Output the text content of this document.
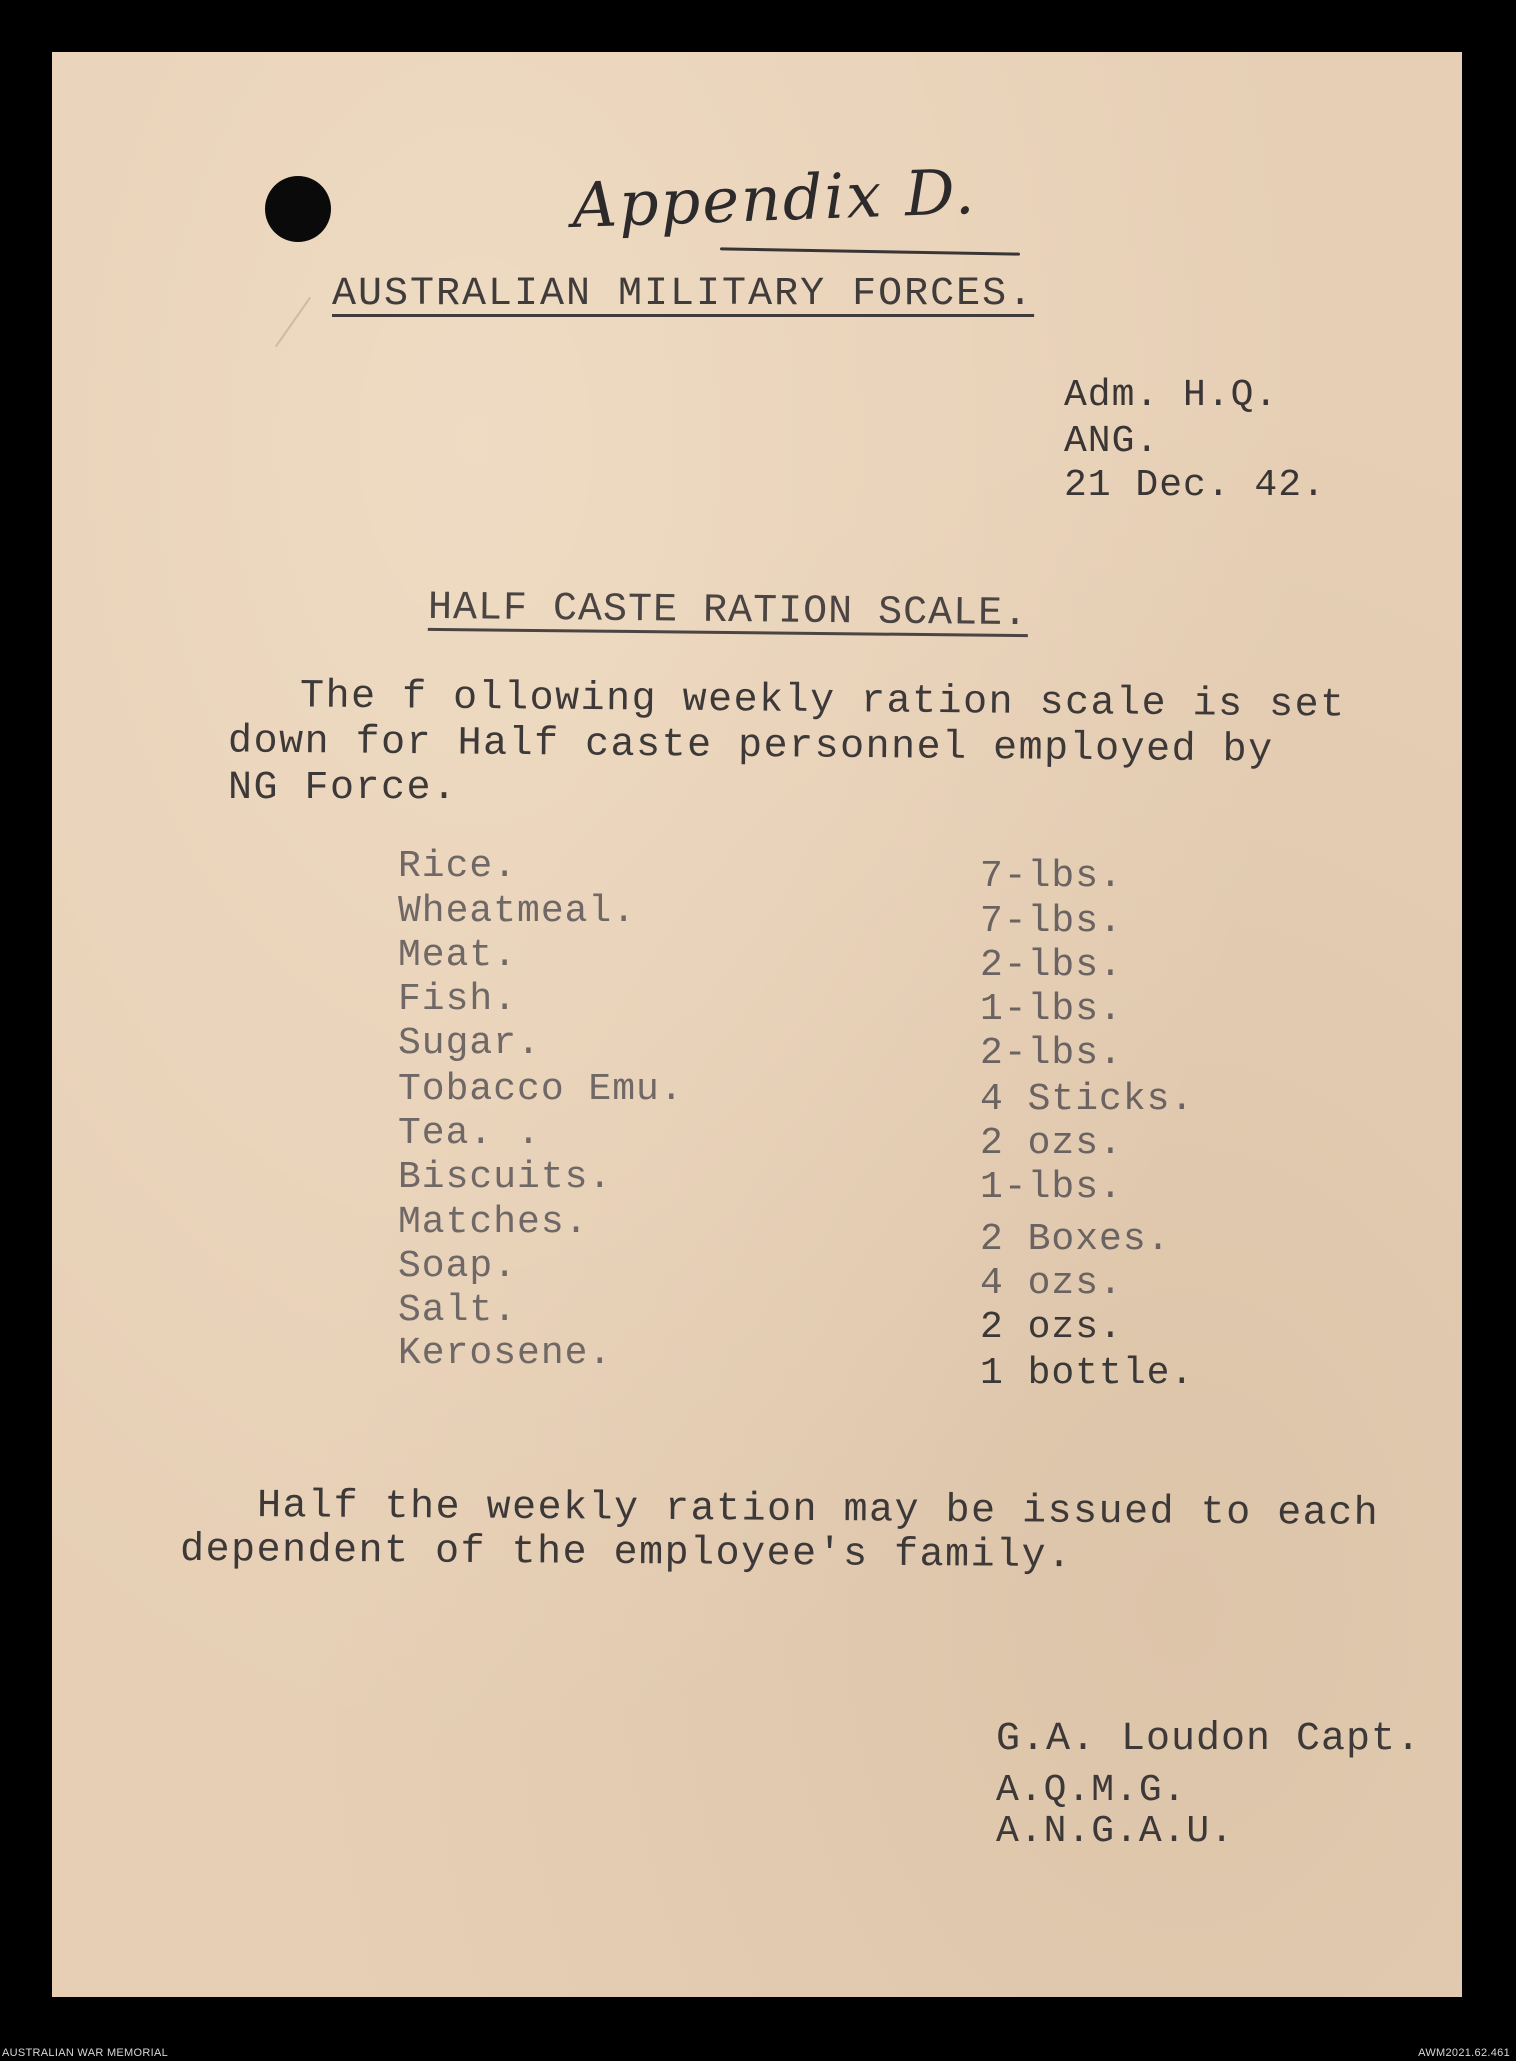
Appendix D.
AUSTRALIAN MILITARY FORCES.
Adm. H.Q.
ANG.
21 Dec. 42.
HALF CASTE RATION SCALE.
The f ollowing weekly ration scale is set
down for Half caste personnel employed by
NG Force.
Rice.	7-lbs.
Wheatmeal.	7-lbs.
Meat.	2-lbs.
Fish.	1-lbs.
Sugar.	2-lbs.
Tobacco Emu.	4 Sticks.
Tea. .	2 ozs.
Biscuits.	1-lbs.
Matches.	2 Boxes.
Soap.	4 ozs.
Salt.	2 ozs.
Kerosene.	1 bottle.
Half the weekly ration may be issued to each
dependent of the employee's family.
G.A. Loudon Capt.
A.Q.M.G.
A.N.G.A.U.
AUSTRALIAN WAR MEMORIAL	AWM2021.62.461
